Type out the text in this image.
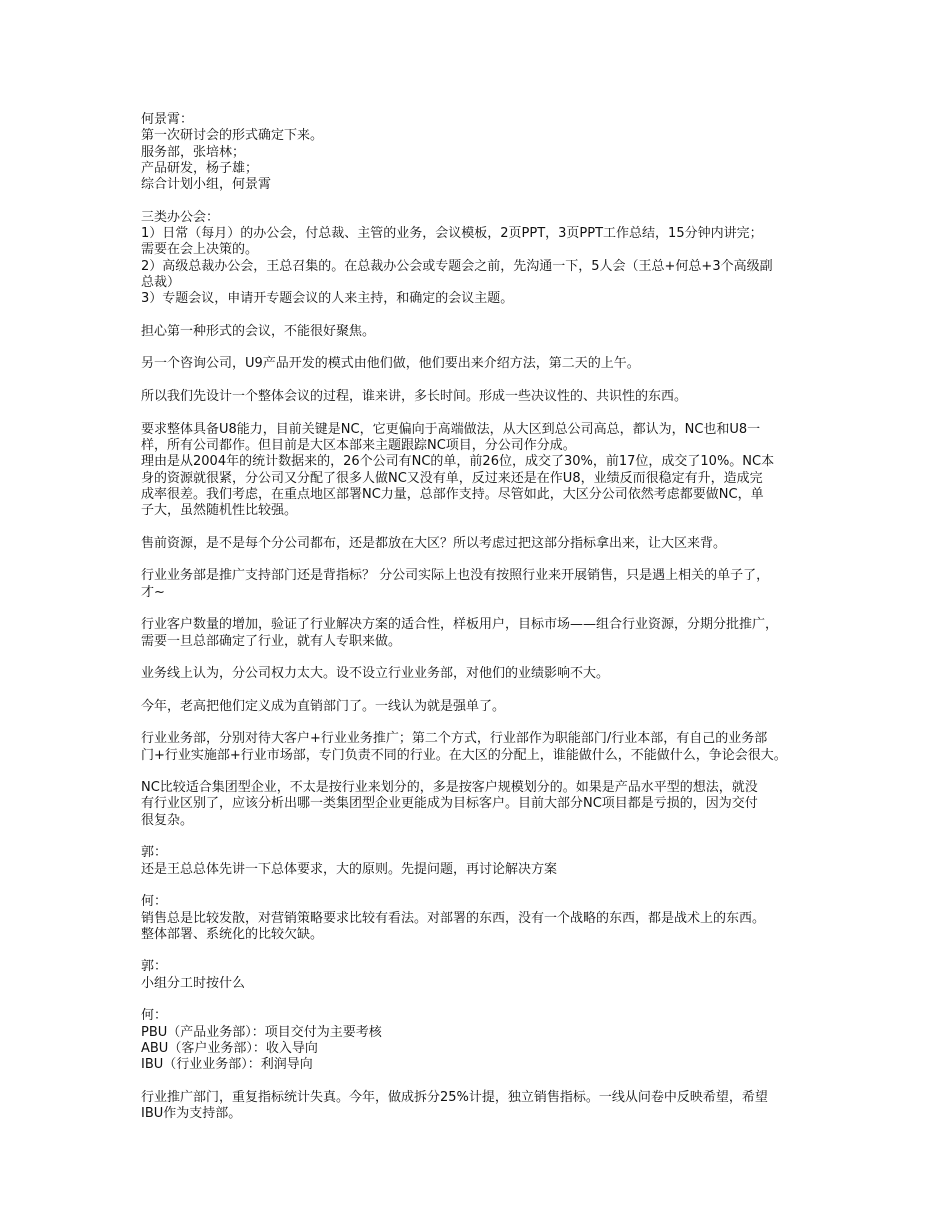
何景霄：
第一次研讨会的形式确定下来。
服务部，张培林；
产品研发，杨子雄；
综合计划小组，何景霄
三类办公会：
1）日常（每月）的办公会，付总裁、主管的业务，会议模板，2页PPT，3页PPT工作总结，15分钟内讲完；
需要在会上决策的。
2）高级总裁办公会，王总召集的。在总裁办公会或专题会之前，先沟通一下，5人会（王总+何总+3个高级副
总裁）
3）专题会议，申请开专题会议的人来主持，和确定的会议主题。
担心第一种形式的会议，不能很好聚焦。
另一个咨询公司，U9产品开发的模式由他们做，他们要出来介绍方法，第二天的上午。
所以我们先设计一个整体会议的过程，谁来讲，多长时间。形成一些决议性的、共识性的东西。
要求整体具备U8能力，目前关键是NC，它更偏向于高端做法，从大区到总公司高总，都认为，NC也和U8一
样，所有公司都作。但目前是大区本部来主题跟踪NC项目，分公司作分成。
理由是从2004年的统计数据来的，26个公司有NC的单，前26位，成交了30%，前17位，成交了10%。NC本
身的资源就很紧，分公司又分配了很多人做NC又没有单，反过来还是在作U8，业绩反而很稳定有升，造成完
成率很差。我们考虑，在重点地区部署NC力量，总部作支持。尽管如此，大区分公司依然考虑都要做NC，单
子大，虽然随机性比较强。
售前资源，是不是每个分公司都布，还是都放在大区？所以考虑过把这部分指标拿出来，让大区来背。
行业业务部是推广支持部门还是背指标？ 分公司实际上也没有按照行业来开展销售，只是遇上相关的单子了，
才~
行业客户数量的增加，验证了行业解决方案的适合性，样板用户，目标市场——组合行业资源，分期分批推广，
需要一旦总部确定了行业，就有人专职来做。
业务线上认为，分公司权力太大。设不设立行业业务部，对他们的业绩影响不大。
今年，老高把他们定义成为直销部门了。一线认为就是强单了。
行业业务部，分别对待大客户+行业业务推广；第二个方式，行业部作为职能部门/行业本部，有自己的业务部
门+行业实施部+行业市场部，专门负责不同的行业。在大区的分配上，谁能做什么，不能做什么，争论会很大。
NC比较适合集团型企业，不太是按行业来划分的，多是按客户规模划分的。如果是产品水平型的想法，就没
有行业区别了，应该分析出哪一类集团型企业更能成为目标客户。目前大部分NC项目都是亏损的，因为交付
很复杂。
郭：
还是王总总体先讲一下总体要求，大的原则。先提问题，再讨论解决方案
何：
销售总是比较发散，对营销策略要求比较有看法。对部署的东西，没有一个战略的东西，都是战术上的东西。
整体部署、系统化的比较欠缺。
郭：
小组分工时按什么
何：
PBU（产品业务部）：项目交付为主要考核
ABU（客户业务部）：收入导向
IBU（行业业务部）：利润导向
行业推广部门，重复指标统计失真。今年，做成拆分25%计提，独立销售指标。一线从问卷中反映希望，希望
IBU作为支持部。
